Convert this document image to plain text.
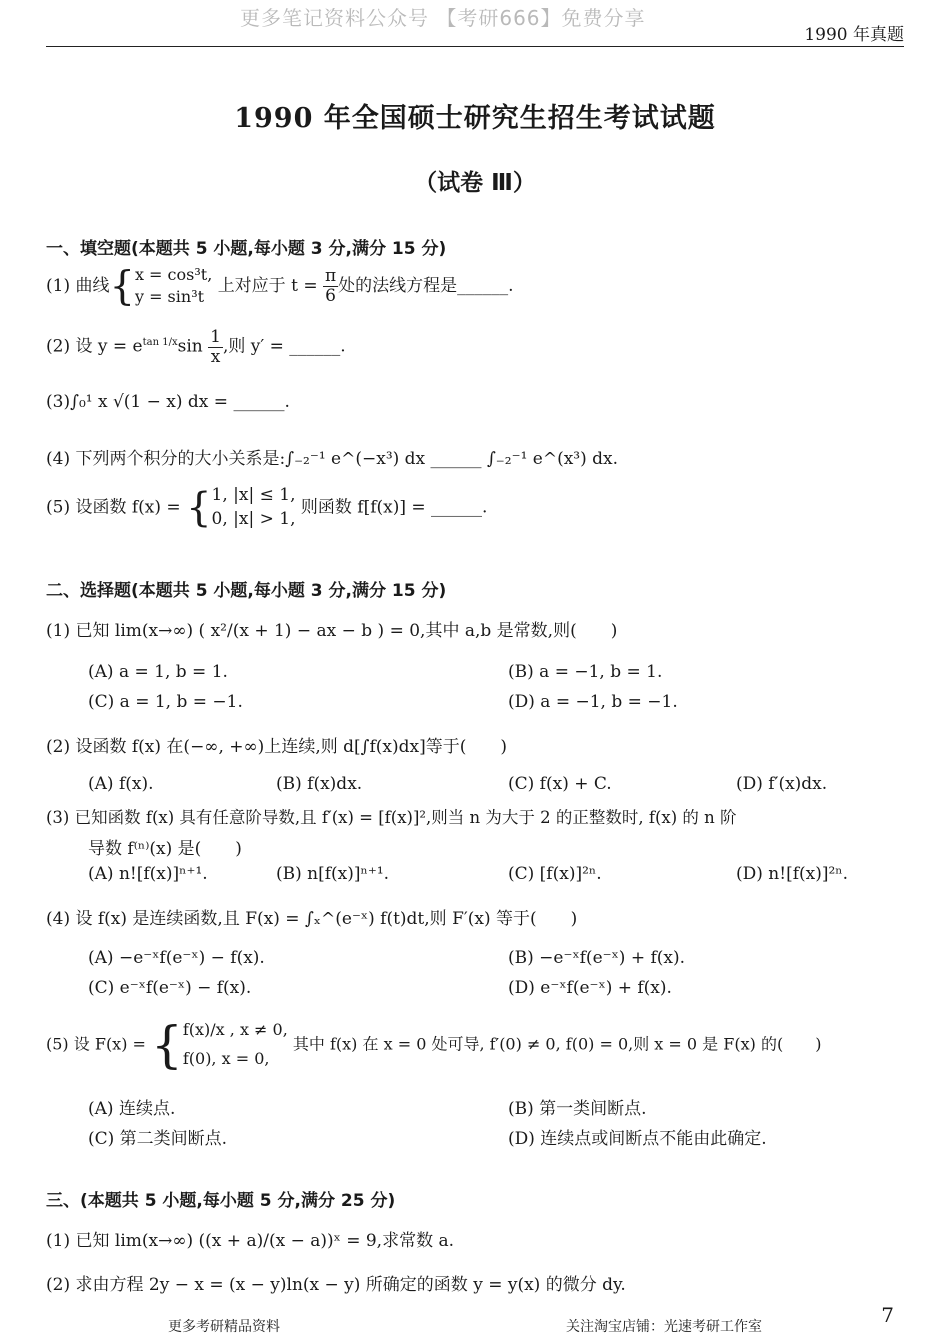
更多笔记资料公众号 【考研666】免费分享
1990 年真题
1990 年全国硕士研究生招生考试试题
（试卷 Ⅲ）
一、填空题(本题共 5 小题,每小题 3 分,满分 15 分)
(1) 曲线{ x = cos³t,
y = sin³t
上对应于 $t = \frac{\pi}{6}$ 处的法线方程是______.
(2) 设 $y = e^{tan 1/x}\sin \frac{1}{x}$ ,则 y′ = ______.
(3)∫₀¹ x √(1 − x) dx = ______.
(4) 下列两个积分的大小关系是:∫₋₂⁻¹ e^(−x³) dx ______ ∫₋₂⁻¹ e^(x³) dx.
(5) 设函数 f(x) = { 1, |x| ≤ 1,
0, |x| > 1,
则函数 f[f(x)] = ______.
二、选择题(本题共 5 小题,每小题 3 分,满分 15 分)
(1) 已知 lim(x→∞) ( x²/(x + 1) − ax − b ) = 0,其中 a,b 是常数,则(　　)
(A) a = 1, b = 1.	(B) a = −1, b = 1.
(C) a = 1, b = −1.	(D) a = −1, b = −1.
(2) 设函数 f(x) 在(−∞, +∞)上连续,则 d[∫f(x)dx]等于(　　)
(A) f(x).	(B) f(x)dx.	(C) f(x) + C.	(D) f′(x)dx.
(3) 已知函数 f(x) 具有任意阶导数,且 f′(x) = [f(x)]²,则当 n 为大于 2 的正整数时, f(x) 的 n 阶
导数 f⁽ⁿ⁾(x) 是(　　)
(A) n![f(x)]ⁿ⁺¹.	(B) n[f(x)]ⁿ⁺¹.	(C) [f(x)]²ⁿ.	(D) n![f(x)]²ⁿ.
(4) 设 f(x) 是连续函数,且 F(x) = ∫ₓ^(e⁻ˣ) f(t)dt,则 F′(x) 等于(　　)
(A) −e⁻ˣf(e⁻ˣ) − f(x).	(B) −e⁻ˣf(e⁻ˣ) + f(x).
(C) e⁻ˣf(e⁻ˣ) − f(x).	(D) e⁻ˣf(e⁻ˣ) + f(x).
(5) 设 F(x) = { f(x)/x , x ≠ 0,
f(0), x = 0,
其中 f(x) 在 x = 0 处可导, f′(0) ≠ 0, f(0) = 0,则 x = 0 是 F(x) 的(　　)
(A) 连续点.	(B) 第一类间断点.
(C) 第二类间断点.	(D) 连续点或间断点不能由此确定.
三、(本题共 5 小题,每小题 5 分,满分 25 分)
(1) 已知 lim(x→∞) ((x + a)/(x − a))ˣ = 9,求常数 a.
(2) 求由方程 2y − x = (x − y)ln(x − y) 所确定的函数 y = y(x) 的微分 dy.
更多考研精品资料	关注淘宝店铺：光速考研工作室	7
